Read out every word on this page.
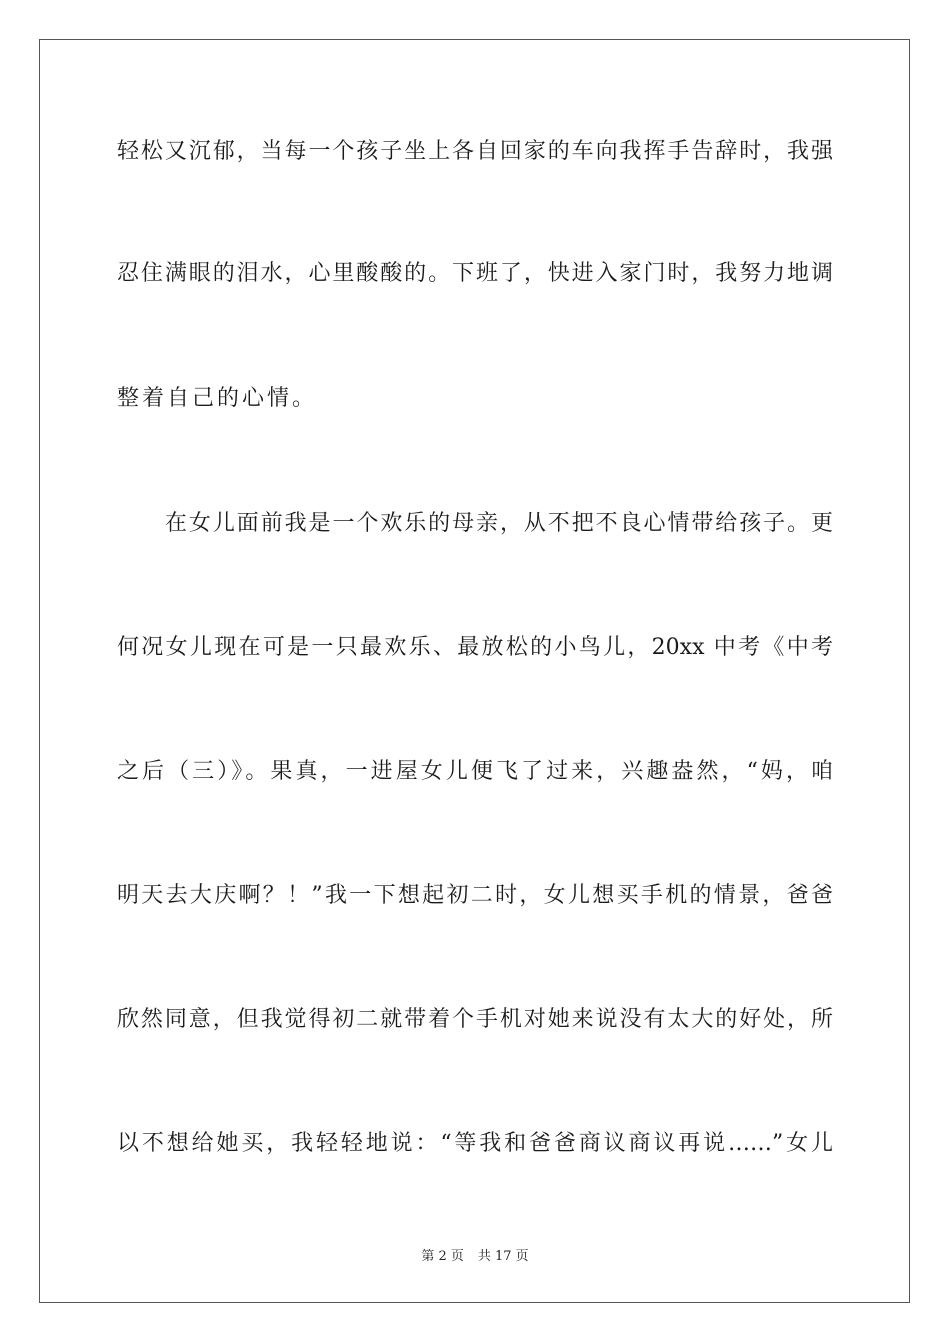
轻松又沉郁，当每一个孩子坐上各自回家的车向我挥手告辞时，我强
忍住满眼的泪水，心里酸酸的。下班了，快进入家门时，我努力地调
整着自己的心情。
在女儿面前我是一个欢乐的母亲，从不把不良心情带给孩子。更
何况女儿现在可是一只最欢乐、最放松的小鸟儿，20xx 中考《中考
之后（三）》。果真，一进屋女儿便飞了过来，兴趣盎然，“妈，咱
明天去大庆啊？！”我一下想起初二时，女儿想买手机的情景，爸爸
欣然同意，但我觉得初二就带着个手机对她来说没有太大的好处，所
以不想给她买，我轻轻地说：“等我和爸爸商议商议再说……”女儿
第 2 页 共 17 页
